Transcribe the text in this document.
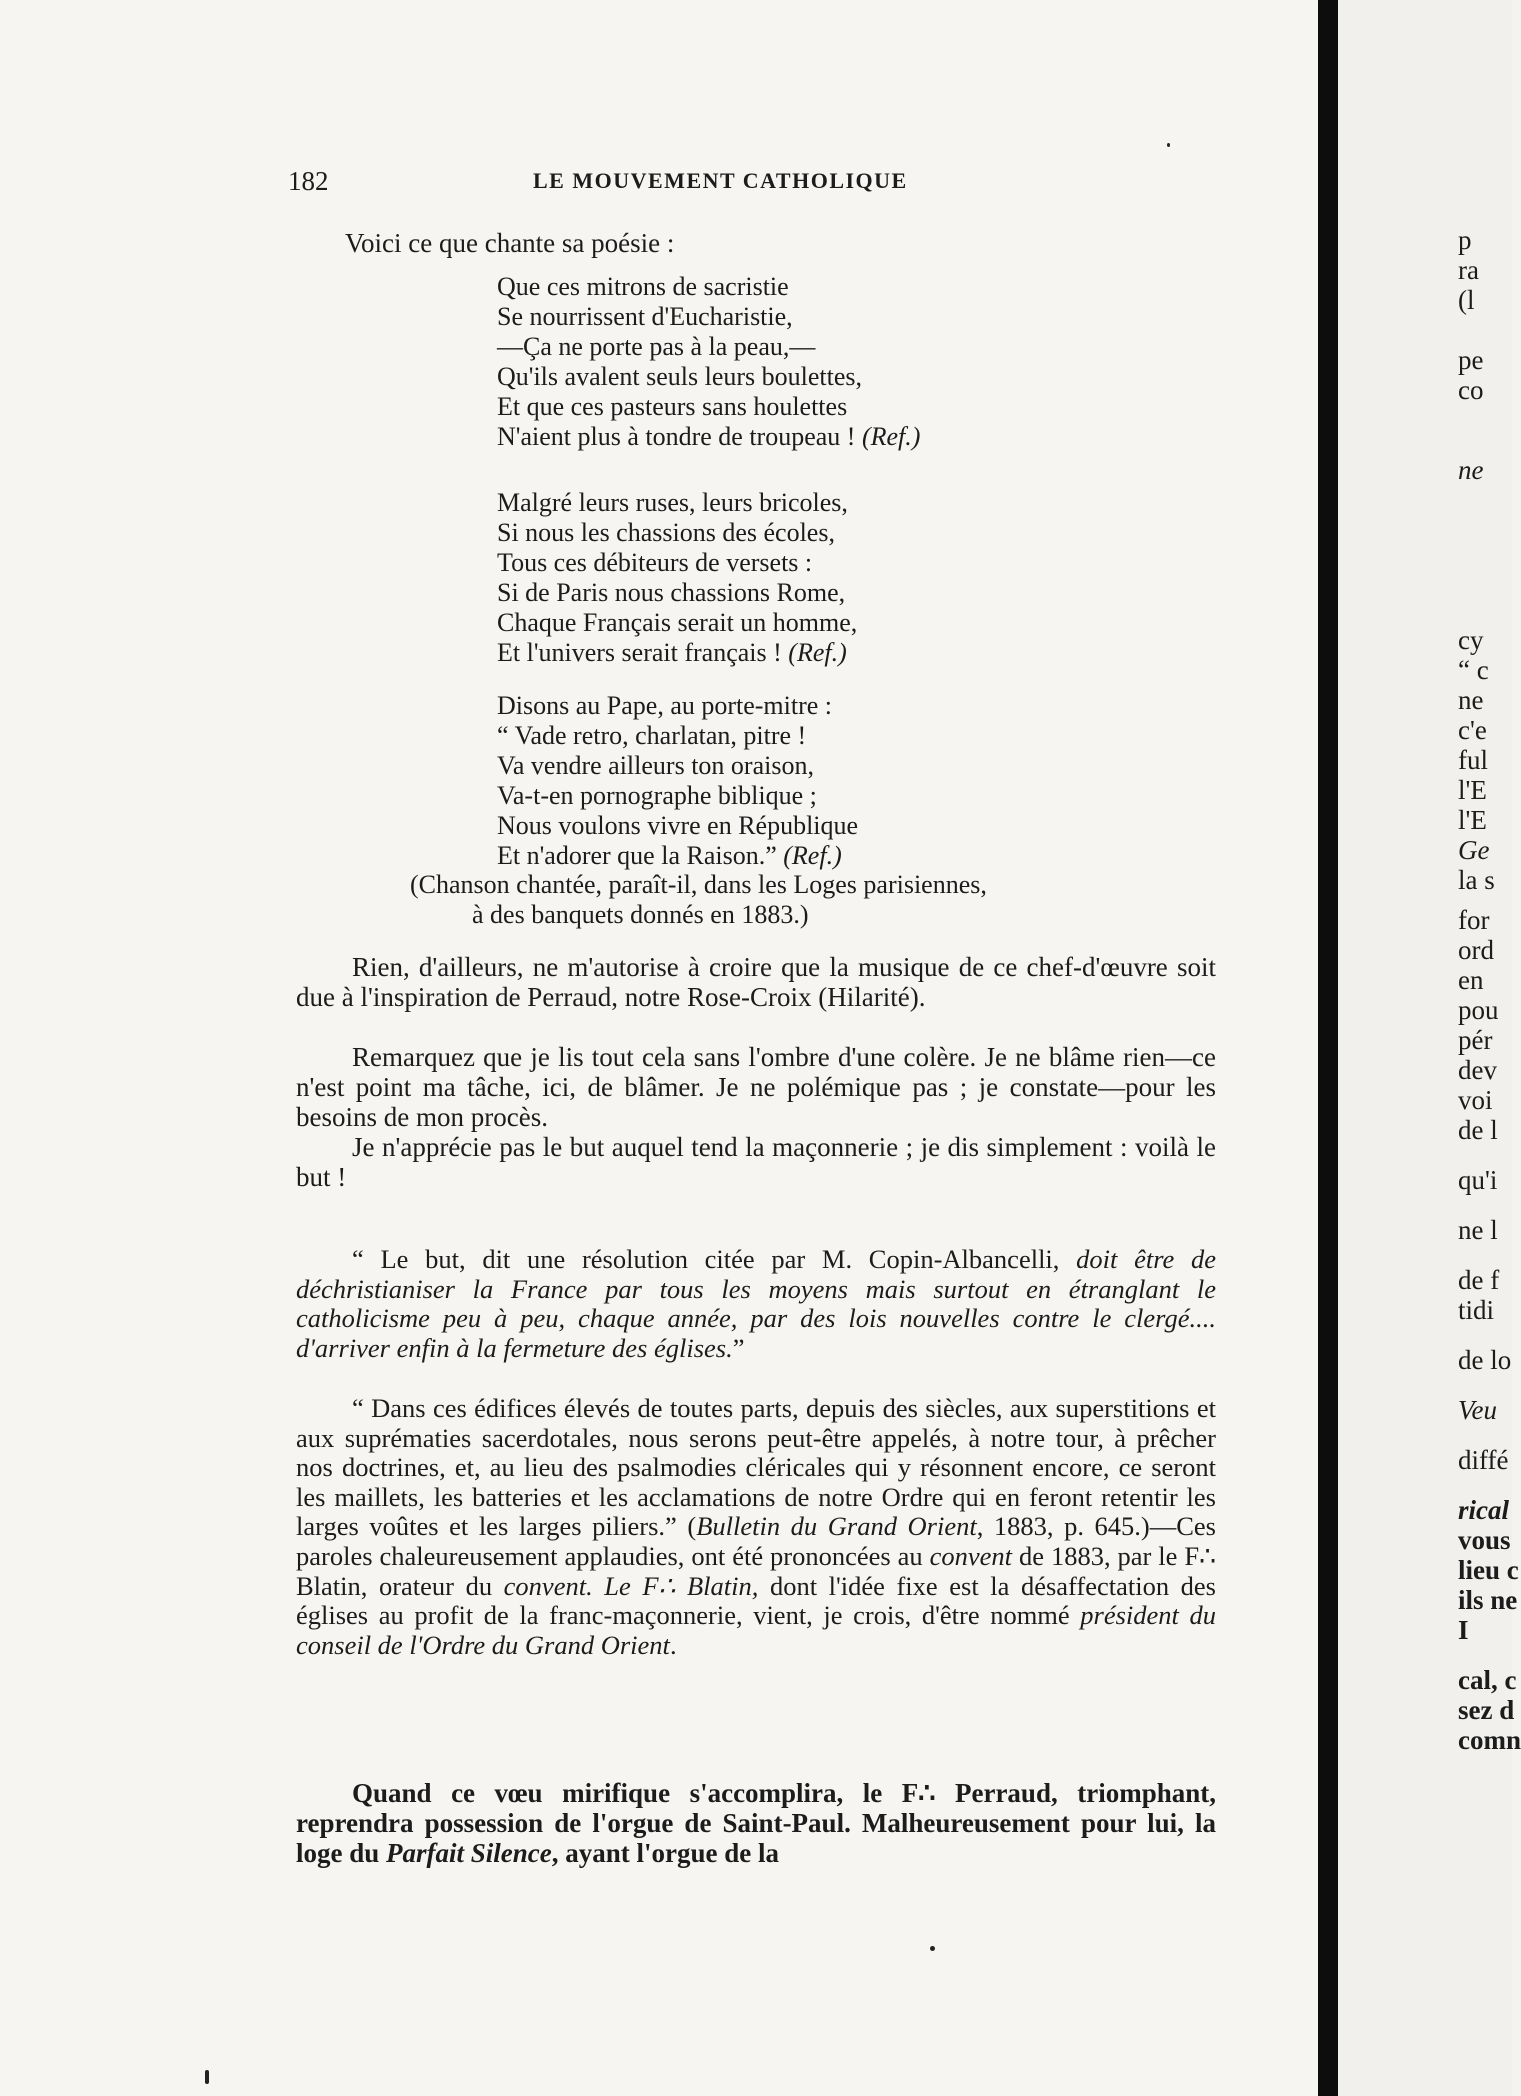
182	LE MOUVEMENT CATHOLIQUE
Voici ce que chante sa poésie :
Que ces mitrons de sacristie
Se nourrissent d'Eucharistie,
—Ça ne porte pas à la peau,—
Qu'ils avalent seuls leurs boulettes,
Et que ces pasteurs sans houlettes
N'aient plus à tondre de troupeau ! (Ref.)
Malgré leurs ruses, leurs bricoles,
Si nous les chassions des écoles,
Tous ces débiteurs de versets :
Si de Paris nous chassions Rome,
Chaque Français serait un homme,
Et l'univers serait français ! (Ref.)
Disons au Pape, au porte-mitre :
“ Vade retro, charlatan, pitre !
Va vendre ailleurs ton oraison,
Va-t-en pornographe biblique ;
Nous voulons vivre en République
Et n'adorer que la Raison.” (Ref.)
(Chanson chantée, paraît-il, dans les Loges parisiennes,
à des banquets donnés en 1883.)

Rien, d'ailleurs, ne m'autorise à croire que la musique de ce chef-d'œuvre soit due à l'inspiration de Perraud, notre Rose-Croix (Hilarité).

Remarquez que je lis tout cela sans l'ombre d'une colère. Je ne blâme rien—ce n'est point ma tâche, ici, de blâmer. Je ne polémique pas ; je constate—pour les besoins de mon procès.

Je n'apprécie pas le but auquel tend la maçonnerie ; je dis simplement : voilà le but !

“ Le but, dit une résolution citée par M. Copin-Albancelli, doit être de déchristianiser la France par tous les moyens mais surtout en étranglant le catholicisme peu à peu, chaque année, par des lois nouvelles contre le clergé.... d'arriver enfin à la fermeture des églises.”

“ Dans ces édifices élevés de toutes parts, depuis des siècles, aux superstitions et aux suprématies sacerdotales, nous serons peut-être appelés, à notre tour, à prêcher nos doctrines, et, au lieu des psalmodies cléricales qui y résonnent encore, ce seront les maillets, les batteries et les acclamations de notre Ordre qui en feront retentir les larges voûtes et les larges piliers.” (Bulletin du Grand Orient, 1883, p. 645.)—Ces paroles chaleureusement applaudies, ont été prononcées au convent de 1883, par le F∴ Blatin, orateur du convent. Le F∴ Blatin, dont l'idée fixe est la désaffectation des églises au profit de la franc-maçonnerie, vient, je crois, d'être nommé président du conseil de l'Ordre du Grand Orient.

Quand ce vœu mirifique s'accomplira, le F∴ Perraud, triomphant, reprendra possession de l'orgue de Saint-Paul. Malheureusement pour lui, la loge du Parfait Silence, ayant l'orgue de la

p
ra
(l
pe
co
ne
cy
“ c
ne
c'e
ful
l'E
l'E
Ge
la s
for
ord
en
pou
pér
dev
voi
de l
qu'i
ne l
de f
tidi
de lo
Veu
diffé
rical
vous
lieu c
ils ne
I
cal, c
sez d
comn
